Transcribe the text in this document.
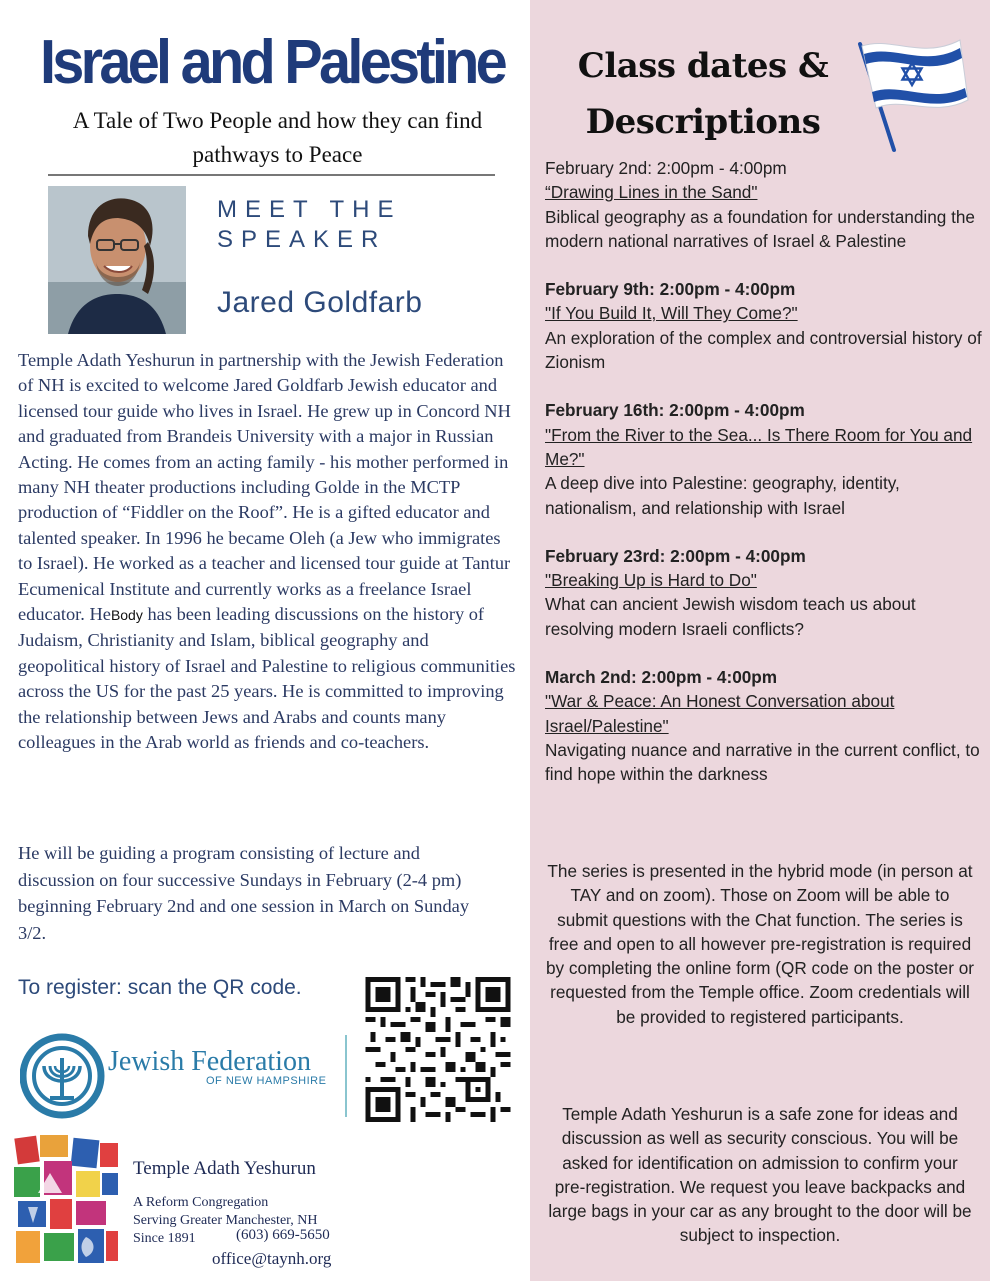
Israel and Palestine
A Tale of Two People and how they can find pathways to Peace
MEET THE
SPEAKER
Jared Goldfarb
Temple Adath Yeshurun in partnership with the Jewish Federation of NH is excited to welcome Jared Goldfarb Jewish educator and licensed tour guide who lives in Israel. He grew up in Concord NH and graduated from Brandeis University with a major in Russian Acting. He comes from an acting family - his mother performed in many NH theater productions including Golde in the MCTP production of “Fiddler on the Roof”. He is a gifted educator and talented speaker. In 1996 he became Oleh (a Jew who immigrates to Israel). He worked as a teacher and licensed tour guide at Tantur Ecumenical Institute and currently works as a freelance Israel educator. HeBody has been leading discussions on the history of Judaism, Christianity and Islam, biblical geography and geopolitical history of Israel and Palestine to religious communities across the US for the past 25 years. He is committed to improving the relationship between Jews and Arabs and counts many colleagues in the Arab world as friends and co-teachers.
He will be guiding a program consisting of lecture and discussion on four successive Sundays in February (2-4 pm) beginning February 2nd and one session in March on Sunday 3/2.
To register: scan the QR code.
Jewish Federation
OF NEW HAMPSHIRE
Temple Adath Yeshurun
A Reform Congregation
Serving Greater Manchester, NH
Since 1891	(603) 669-5650
office@taynh.org
Class dates &
Descriptions
February 2nd: 2:00pm - 4:00pm
“Drawing Lines in the Sand"
Biblical geography as a foundation for understanding the modern national narratives of Israel & Palestine
February 9th: 2:00pm - 4:00pm
"If You Build It, Will They Come?"
An exploration of the complex and controversial history of Zionism
February 16th: 2:00pm - 4:00pm
"From the River to the Sea... Is There Room for You and Me?"
A deep dive into Palestine: geography, identity, nationalism, and relationship with Israel
February 23rd: 2:00pm - 4:00pm
"Breaking Up is Hard to Do"
What can ancient Jewish wisdom teach us about resolving modern Israeli conflicts?
March 2nd: 2:00pm - 4:00pm
"War & Peace: An Honest Conversation about Israel/Palestine"
Navigating nuance and narrative in the current conflict, to find hope within the darkness
The series is presented in the hybrid mode (in person at TAY and on zoom). Those on Zoom will be able to submit questions with the Chat function. The series is free and open to all however pre-registration is required by completing the online form (QR code on the poster or requested from the Temple office. Zoom credentials will be provided to registered participants.
Temple Adath Yeshurun is a safe zone for ideas and discussion as well as security conscious. You will be asked for identification on admission to confirm your pre-registration. We request you leave backpacks and large bags in your car as any brought to the door will be subject to inspection.
